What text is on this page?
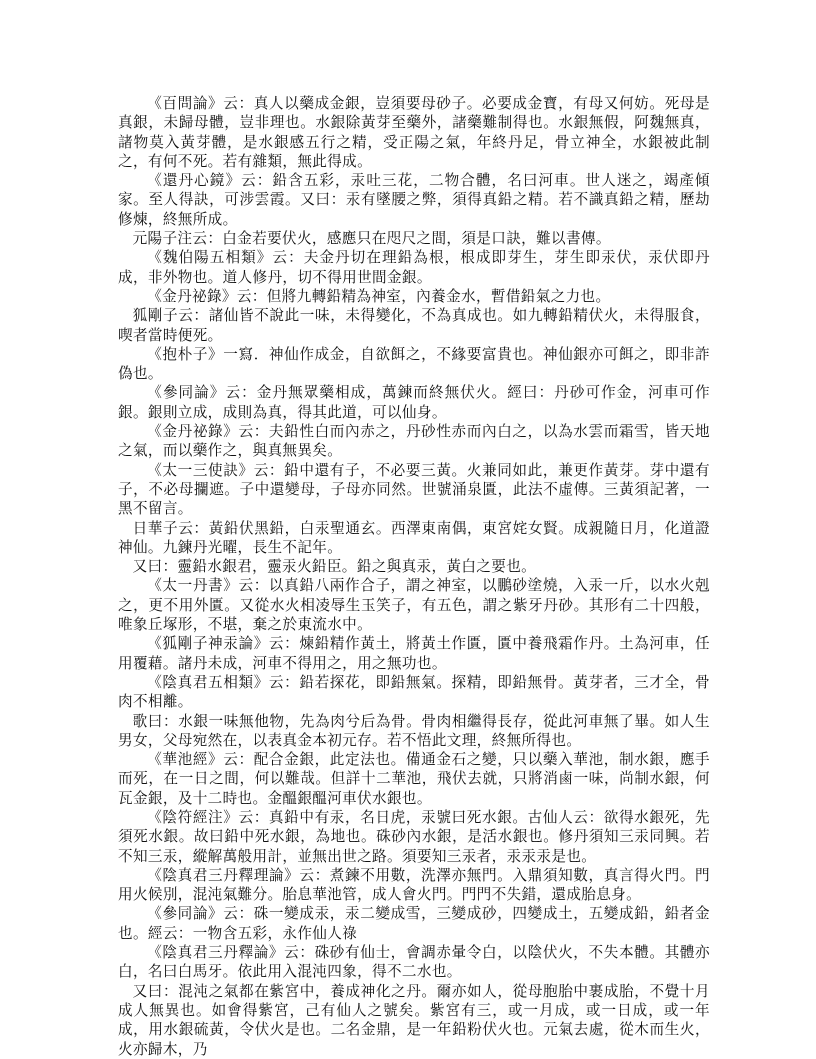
《百問論》云：真人以藥成金銀，豈須要母砂子。必要成金寶，有母又何妨。死母是真銀，未歸母體，豈非理也。水銀除黃芽至藥外，諸藥難制得也。水銀無假，阿魏無真，諸物莫入黃芽體，是水銀感五行之精，受正陽之氣，年終丹足，骨立神全，水銀被此制之，有何不死。若有雜類，無此得成。

《還丹心鏡》云：鉛含五彩，汞吐三花，二物合體，名曰河車。世人迷之，竭產傾家。至人得訣，可涉雲霞。又曰：汞有墜腰之弊，須得真鉛之精。若不識真鉛之精，歷劫修煉，終無所成。

元陽子注云：白金若要伏火，感應只在咫尺之間，須是口訣，難以書傳。

《魏伯陽五相類》云：夫金丹切在理鉛為根，根成即芽生，芽生即汞伏，汞伏即丹成，非外物也。道人修丹，切不得用世間金銀。

《金丹祕錄》云：但將九轉鉛精為神室，內養金水，暫借鉛氣之力也。

狐剛子云：諸仙皆不說此一味，未得變化，不為真成也。如九轉鉛精伏火，未得服食，喫者當時便死。

《抱朴子》一寫．神仙作成金，自欲餌之，不緣要富貴也。神仙銀亦可餌之，即非詐偽也。

《參同論》云：金丹無眾藥相成，萬鍊而終無伏火。經曰：丹砂可作金，河車可作銀。銀則立成，成則為真，得其此道，可以仙身。

《金丹祕錄》云：夫鉛性白而內赤之，丹砂性赤而內白之，以為水雲而霜雪，皆天地之氣，而以藥作之，與真無異矣。

《太一三使訣》云：鉛中還有子，不必要三黃。火兼同如此，兼更作黃芽。芽中還有子，不必母攔遮。子中還變母，子母亦同然。世號涌泉匱，此法不虛傳。三黃須記著，一黑不留言。

日華子云：黃鉛伏黑鉛，白汞聖通玄。西澤東南偶，東宮姹女賢。成親隨日月，化道證神仙。九鍊丹光曜，長生不記年。

又曰：靈鉛水銀君，靈汞火鉛臣。鉛之與真汞，黃白之要也。

《太一丹書》云：以真鉛八兩作合子，謂之神室，以鵬砂塗燒，入汞一斤，以水火剋之，更不用外匱。又從水火相凌辱生玉笑子，有五色，謂之紫牙丹砂。其形有二十四般，唯象丘塚形，不堪，棄之於東流水中。

《狐剛子神汞論》云：煉鉛精作黃土，將黃土作匱，匱中養飛霜作丹。土為河車，任用覆藉。諸丹未成，河車不得用之，用之無功也。

《陰真君五相類》云：鉛若探花，即鉛無氣。探精，即鉛無骨。黃芽者，三才全，骨肉不相離。

歌曰：水銀一味無他物，先為肉兮后為骨。骨肉相繼得長存，從此河車無了畢。如人生男女，父母宛然在，以表真金本初元存。若不悟此文理，終無所得也。

《華池經》云：配合金銀，此定法也。備通金石之變，只以藥入華池，制水銀，應手而死，在一日之間，何以難哉。但詳十二華池，飛伏去就，只將消鹵一味，尚制水銀，何瓦金銀，及十二時也。金醞銀醞河車伏水銀也。

《陰符經注》云：真鉛中有汞，名日虎，汞號曰死水銀。古仙人云：欲得水銀死，先須死水銀。故曰鉛中死水銀，為地也。硃砂內水銀，是活水銀也。修丹須知三汞同興。若不知三汞，縱解萬般用計，並無出世之路。須要知三汞者，汞汞汞是也。

《陰真君三丹釋理論》云：煮鍊不用數，洗澤亦無門。入鼎須知數，真言得火門。門用火候別，混沌氣難分。胎息華池管，成人會火門。門門不失錯，還成胎息身。

《參同論》云：硃一變成汞，汞二變成雪，三變成砂，四變成土，五變成鉛，鉛者金也。經云：一物含五彩，永作仙人祿

《陰真君三丹釋論》云：硃砂有仙士，會調赤暈令白，以陰伏火，不失本體。其體亦白，名曰白馬牙。依此用入混沌四象，得不二水也。

又曰：混沌之氣都在紫宮中，養成神化之丹。爾亦如人，從母胞胎中裹成胎，不覺十月成人無異也。如會得紫宮，己有仙人之號矣。紫宮有三，或一月成，或一日成，或一年成，用水銀硫黃，令伏火是也。二名金鼎，是一年鉛粉伏火也。元氣去處，從木而生火，火亦歸木，乃
